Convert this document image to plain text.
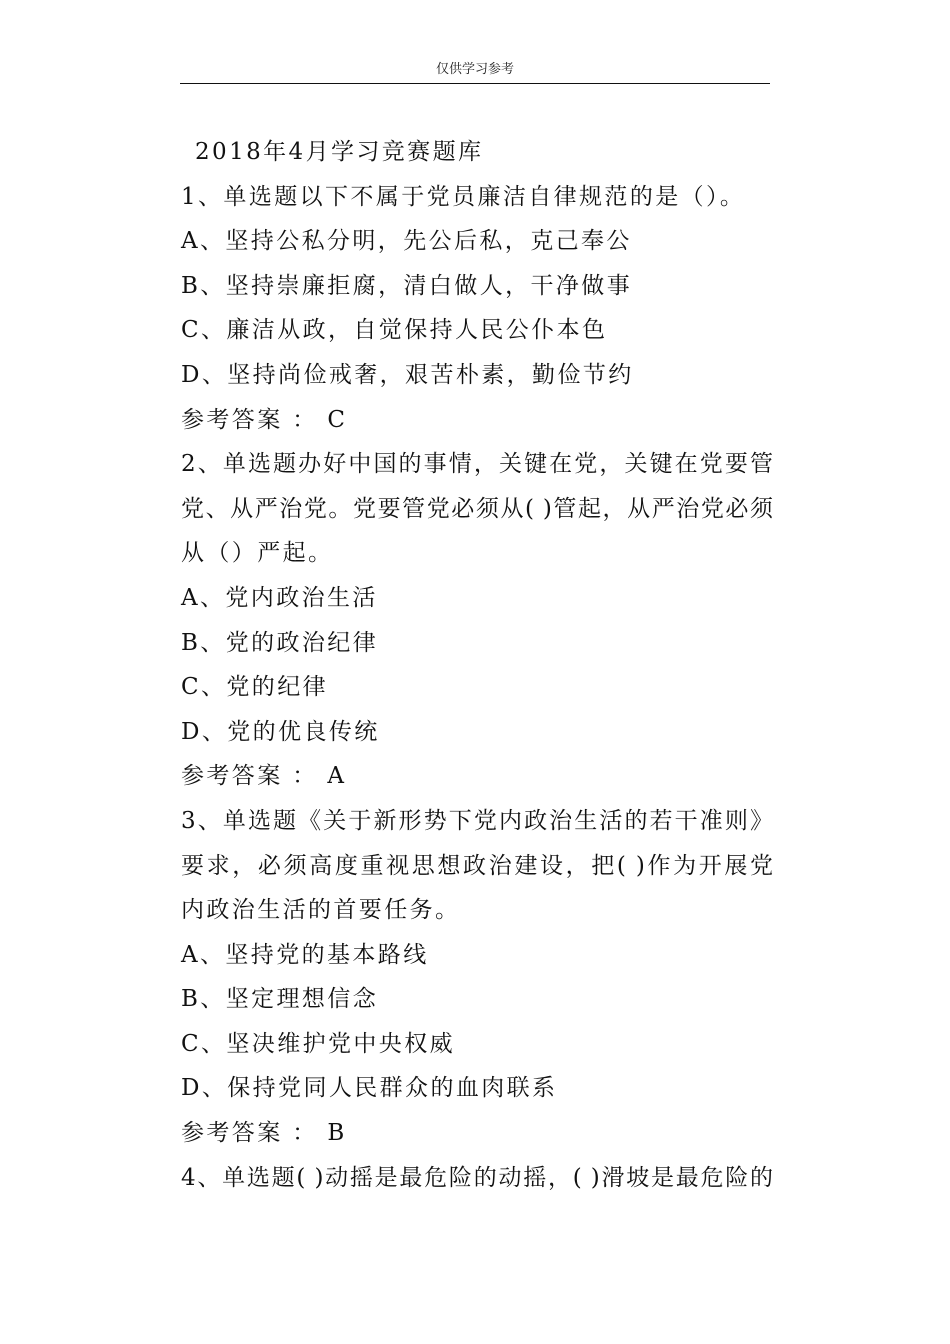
仅供学习参考
2018年4月学习竞赛题库
1、单选题以下不属于党员廉洁自律规范的是（）。
A、坚持公私分明，先公后私，克己奉公
B、坚持崇廉拒腐，清白做人，干净做事
C、廉洁从政，自觉保持人民公仆本色
D、坚持尚俭戒奢，艰苦朴素，勤俭节约
参考答案 ： C
2、单选题办好中国的事情，关键在党，关键在党要管
党、从严治党。党要管党必须从( )管起，从严治党必须
从（）严起。
A、党内政治生活
B、党的政治纪律
C、党的纪律
D、党的优良传统
参考答案 ： A
3、单选题《关于新形势下党内政治生活的若干准则》
要求，必须高度重视思想政治建设，把( )作为开展党
内政治生活的首要任务。
A、坚持党的基本路线
B、坚定理想信念
C、坚决维护党中央权威
D、保持党同人民群众的血肉联系
参考答案 ： B
4、单选题( )动摇是最危险的动摇，( )滑坡是最危险的
